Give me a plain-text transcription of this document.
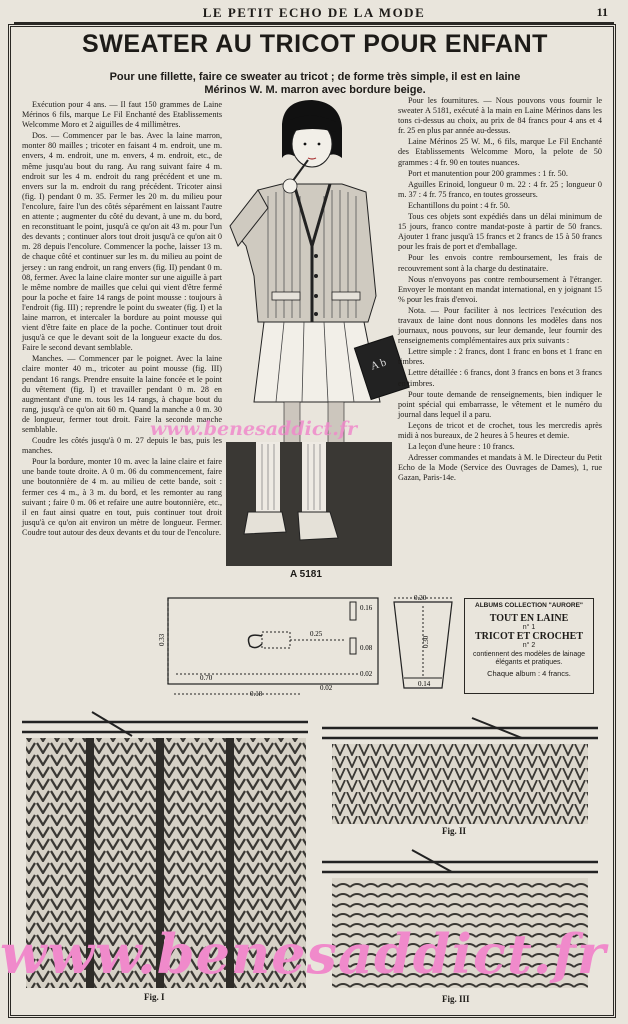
LE PETIT ECHO DE LA MODE	11
SWEATER AU TRICOT POUR ENFANT
Pour une fillette, faire ce sweater au tricot ; de forme très simple, il est en laine Mérinos W. M. marron avec bordure beige.

Exécution pour 4 ans. — Il faut 150 grammes de Laine Mérinos 6 fils, marque Le Fil Enchanté des Etablissements Welcomme Moro et 2 aiguilles de 4 millimètres.

Dos. — Commencer par le bas. Avec la laine marron, monter 80 mailles ; tricoter en faisant 4 m. endroit, une m. envers, 4 m. endroit, une m. envers, 4 m. endroit, etc., de même jusqu'au bout du rang. Au rang suivant faire 4 m. endroit sur les 4 m. endroit du rang précédent et une m. envers sur la m. endroit du rang précédent. Tricoter ainsi (fig. I) pendant 0 m. 35. Fermer les 20 m. du milieu pour l'encolure, faire l'un des côtés séparément en laissant l'autre en attente ; augmenter du côté du devant, à une m. du bord, en reconstituant le point, jusqu'à ce qu'on ait 43 m. pour l'un des devants ; continuer alors tout droit jusqu'à ce qu'on ait 0 m. 28 depuis l'encolure. Commencer la poche, laisser 13 m. de chaque côté et continuer sur les m. du milieu au point de jersey : un rang endroit, un rang envers (fig. II) pendant 0 m. 08, fermer. Avec la laine claire monter sur une aiguille à part le même nombre de mailles que celui qui vient d'être fermé pour la poche et faire 14 rangs de point mousse : toujours à l'endroit (fig. III) ; reprendre le point du sweater (fig. I) et la laine marron, et intercaler la bordure au point mousse qui vient d'être faite en place de la poche. Continuer tout droit jusqu'à ce que le devant soit de la longueur exacte du dos. Faire le second devant semblable.

Manches. — Commencer par le poignet. Avec la laine claire monter 40 m., tricoter au point mousse (fig. III) pendant 16 rangs. Prendre ensuite la laine foncée et le point du vêtement (fig. I) et travailler pendant 0 m. 28 en augmentant d'une m. tous les 14 rangs, à chaque bout du rang, jusqu'à ce qu'on ait 60 m. Quand la manche a 0 m. 30 de longueur, fermer tout droit. Faire la seconde manche semblable.

Coudre les côtés jusqu'à 0 m. 27 depuis le bas, puis les manches.

Pour la bordure, monter 10 m. avec la laine claire et faire une bande toute droite. A 0 m. 06 du commencement, faire une boutonnière de 4 m. au milieu de cette bande, soit : fermer ces 4 m., à 3 m. du bord, et les remonter au rang suivant ; faire 0 m. 06 et refaire une autre boutonnière, etc., il en faut ainsi quatre en tout, puis continuer tout droit jusqu'à ce qu'on ait environ un mètre de longueur. Fermer. Coudre tout autour des deux devants et du tour de l'encolure.

A b
A 5181

Pour les fournitures. — Nous pouvons vous fournir le sweater A 5181, exécuté à la main en Laine Mérinos dans les tons ci-dessus au choix, au prix de 84 francs pour 4 ans et 4 fr. 25 en plus par année au-dessus.

Laine Mérinos 25 W. M., 6 fils, marque Le Fil Enchanté des Etablissements Welcomme Moro, la pelote de 50 grammes : 4 fr. 90 en toutes nuances.

Port et manutention pour 200 grammes : 1 fr. 50.

Aguilles Erinoid, longueur 0 m. 22 : 4 fr. 25 ; longueur 0 m. 37 : 4 fr. 75 franco, en toutes grosseurs.

Echantillons du point : 4 fr. 50.

Tous ces objets sont expédiés dans un délai minimum de 15 jours, franco contre mandat-poste à partir de 50 francs. Ajouter 1 franc jusqu'à 15 francs et 2 francs de 15 à 50 francs pour les frais de port et d'emballage.

Pour les envois contre remboursement, les frais de recouvrement sont à la charge du destinataire.

Nous n'envoyons pas contre remboursement à l'étranger. Envoyer le montant en mandat international, en y joignant 15 % pour les frais d'envoi.

Nota. — Pour faciliter à nos lectrices l'exécution des travaux de laine dont nous donnons les modèles dans nos journaux, nous pouvons, sur leur demande, leur fournir des renseignements complémentaires aux prix suivants :

Lettre simple : 2 francs, dont 1 franc en bons et 1 franc en timbres.

Lettre détaillée : 6 francs, dont 3 francs en bons et 3 francs en timbres.

Pour toute demande de renseignements, bien indiquer le point spécial qui embarrasse, le vêtement et le numéro du journal dans lequel il a paru.

Leçons de tricot et de crochet, tous les mercredis après midi à nos bureaux, de 2 heures à 5 heures et demie.

La leçon d'une heure : 10 francs.

Adresser commandes et mandats à M. le Directeur du Petit Echo de la Mode (Service des Ouvrages de Dames), 1, rue Gazan, Paris-14e.

0.33
0.16
0.25
0.08
0.70
0.02
0.18
0.02
0.20
0.30
0.14
ALBUMS COLLECTION "AURORE"
TOUT EN LAINE
n° 1
TRICOT ET CROCHET
n° 2
contiennent des modèles de lainage élégants et pratiques.
Chaque album : 4 francs.
Fig. I
Fig. II
Fig. III
www.benesaddict.fr
www.benesaddict.fr
